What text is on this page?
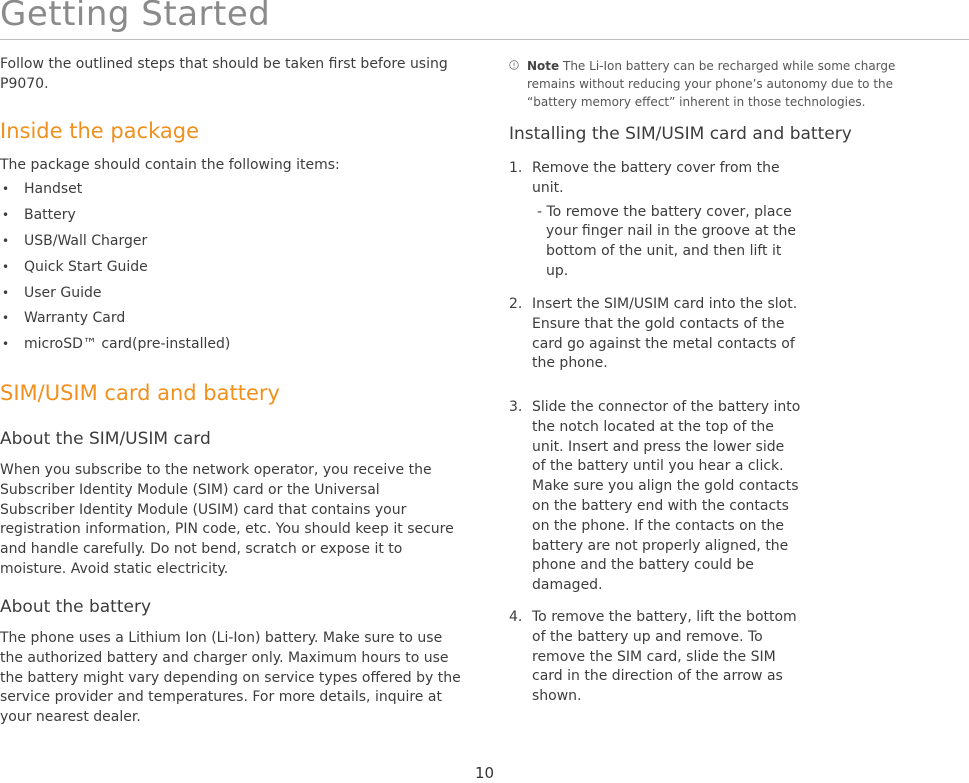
Getting Started

Follow the outlined steps that should be taken first before using P9070.

Inside the package

The package should contain the following items:

• Handset
• Battery
• USB/Wall Charger
• Quick Start Guide
• User Guide
• Warranty Card
• microSD™ card(pre-installed)
SIM/USIM card and battery
About the SIM/USIM card

When you subscribe to the network operator, you receive the Subscriber Identity Module (SIM) card or the Universal Subscriber Identity Module (USIM) card that contains your registration information, PIN code, etc. You should keep it secure and handle carefully. Do not bend, scratch or expose it to moisture. Avoid static electricity.

About the battery

The phone uses a Lithium Ion (Li-Ion) battery. Make sure to use the authorized battery and charger only. Maximum hours to use the battery might vary depending on service types offered by the service provider and temperatures. For more details, inquire at your nearest dealer.

Note The Li-Ion battery can be recharged while some charge remains without reducing your phone’s autonomy due to the “battery memory effect” inherent in those technologies.
Installing the SIM/USIM card and battery
1. Remove the battery cover from the unit.
- To remove the battery cover, place your finger nail in the groove at the bottom of the unit, and then lift it up.
2. Insert the SIM/USIM card into the slot. Ensure that the gold contacts of the card go against the metal contacts of the phone.
3. Slide the connector of the battery into the notch located at the top of the unit. Insert and press the lower side of the battery until you hear a click. Make sure you align the gold contacts on the battery end with the contacts on the phone. If the contacts on the battery are not properly aligned, the phone and the battery could be damaged.
4. To remove the battery, lift the bottom of the battery up and remove. To remove the SIM card, slide the SIM card in the direction of the arrow as shown.
10
